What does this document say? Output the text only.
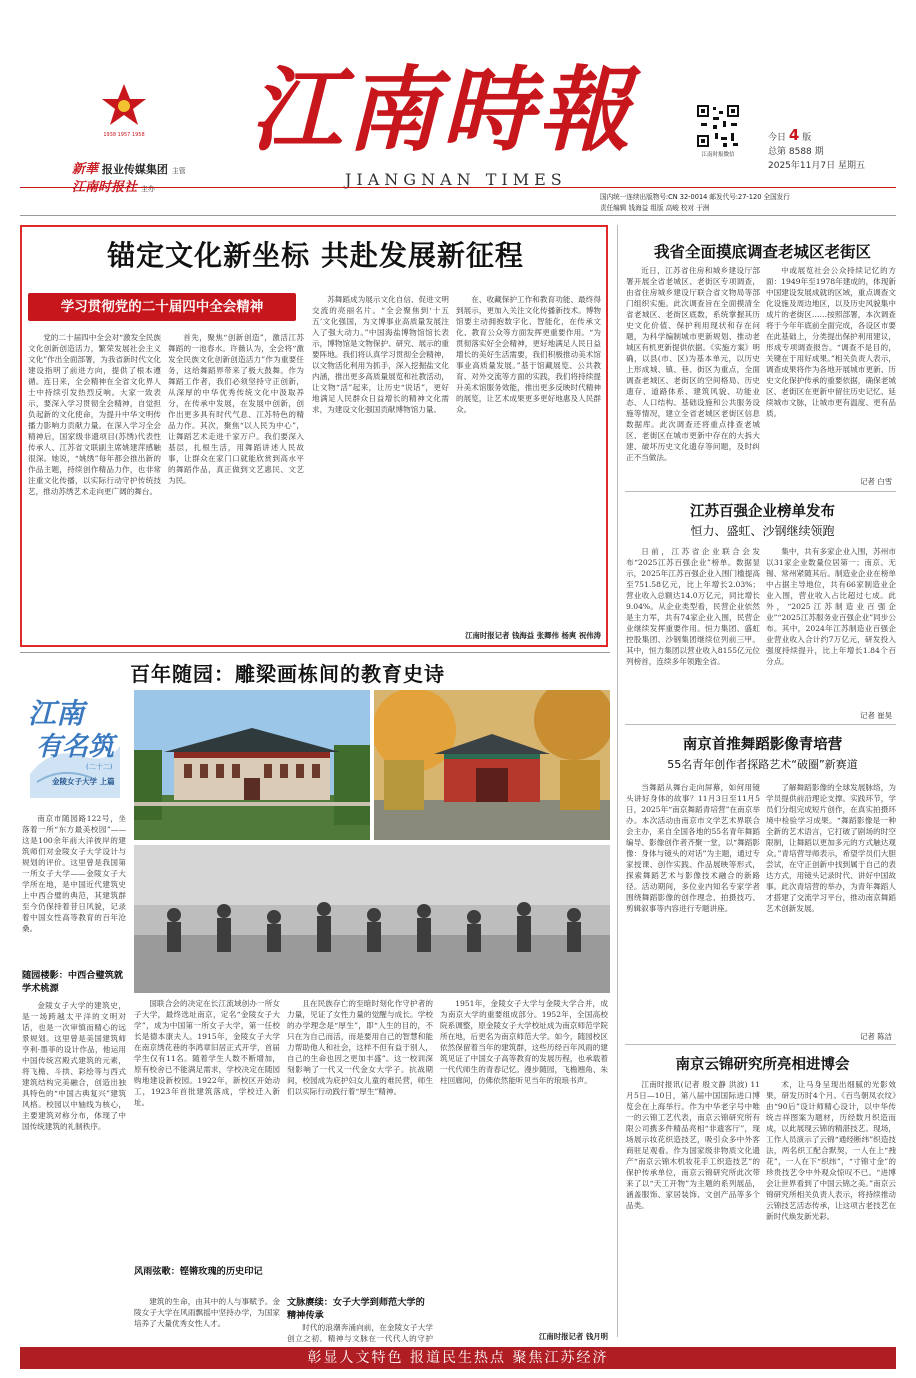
1938 1957 1958
新華 报业传媒集团 主管
江南时报社 主办
江南時報
JIANGNAN TIMES
江南时报微信
今日 4 版
总第 8588 期
2025年11月7日 星期五
国内统一连续出版物号:CN 32-0014 邮发代号:27-120 全国发行
责任编辑 钱海益 组版 高峻 校对 于洲
锚定文化新坐标 共赴发展新征程
学习贯彻党的二十届四中全会精神

党的二十届四中全会对“激发全民族文化创新创造活力，繁荣发展社会主义文化”作出全面部署，为我省新时代文化建设指明了前进方向，提供了根本遵循。连日来，全会精神在全省文化界人士中持续引发热烈反响。大家一致表示，要深入学习贯彻全会精神，自觉担负起新的文化使命，为提升中华文明传播力影响力贡献力量。在深入学习全会精神后，国家级非遗项目(苏绣)代表性传承人、江苏省文联副主席姚建萍感触很深。她说，“姚绣”每年都会推出新的作品主题，持续创作精品力作，也非常注重文化传播，以实际行动守护传统技艺，推动苏绣艺术走向更广阔的舞台。

首先，聚焦“创新创造”，激活江苏舞蹈的一池春水。许薇认为，全会将“激发全民族文化创新创造活力”作为重要任务，这给舞蹈界带来了极大鼓舞。作为舞蹈工作者，我们必须坚持守正创新，从深厚的中华优秀传统文化中汲取养分，在传承中发展，在发展中创新，创作出更多具有时代气息、江苏特色的精品力作。其次，聚焦“以人民为中心”，让舞蹈艺术走进千家万户。我们要深入基层，扎根生活，用舞蹈讲述人民故事，让群众在家门口就能欣赏到高水平的舞蹈作品，真正做到文艺惠民、文艺为民。

苏舞蹈成为展示文化自信、促进文明交流的亮丽名片。“全会聚焦到‘十五五’文化强国，为文博事业高质量发展注入了强大动力。”中国海盐博物馆馆长表示，博物馆是文物保护、研究、展示的重要阵地。我们将认真学习贯彻全会精神，以文物活化利用为抓手，深入挖掘盐文化内涵，推出更多高质量展览和社教活动，让文物“活”起来，让历史“说话”，更好地满足人民群众日益增长的精神文化需求，为建设文化强国贡献博物馆力量。

在、收藏保护工作和教育功能、最终得到展示，更加入关注文化传播新技术。博物馆要主动拥抱数字化、智能化，在传承文化、教育公众等方面发挥更重要作用。“为贯彻落实好全会精神，更好地满足人民日益增长的美好生活需要，我们积极推动美术馆事业高质量发展。”基于馆藏展览、公共教育、对外交流等方面的实践，我们将持续提升美术馆服务效能，推出更多反映时代精神的展览，让艺术成果更多更好地惠及人民群众。

江南时报记者 钱海益 张卿伟 杨爽 祝伟涛
我省全面摸底调查老城区老街区

近日，江苏省住房和城乡建设厅部署开展全省老城区、老街区专项调查，由省住房城乡建设厅联合省文物局等部门组织实施。此次调查旨在全面摸清全省老城区、老街区底数，系统掌握其历史文化价值、保护利用现状和存在问题，为科学编制城市更新规划、推动老城区有机更新提供依据。《实施方案》明确，以县(市、区)为基本单元，以历史上形成城、镇、巷、街区为重点，全面调查老城区、老街区的空间格局、历史遗存、道路体系、建筑风貌、功能业态、人口结构、基础设施和公共服务设施等情况，建立全省老城区老街区信息数据库。此次调查还将重点排查老城区、老街区在城市更新中存在的大拆大建、破坏历史文化遗存等问题，及时纠正不当做法。

中或展览社会公众持续记忆的方面：1949年至1978年建成的，体现新中国建设发展成就的区域，重点调查文化设施及周边地区，以及历史风貌集中成片的老街区……按照部署，本次调查将于今年年底前全面完成，各设区市要在此基础上，分类提出保护利用建议，形成专项调查报告。“调查不是目的，关键在于用好成果。”相关负责人表示，调查成果将作为各地开展城市更新、历史文化保护传承的重要依据，确保老城区、老街区在更新中留住历史记忆、延续城市文脉，让城市更有温度、更有品质。

记者 白雪
江苏百强企业榜单发布
恒力、盛虹、沙钢继续领跑

日前，江苏省企业联合会发布“2025江苏百强企业”榜单。数据显示，2025年江苏百强企业入围门槛提高至751.58亿元，比上年增长2.03%；营业收入总额达14.0万亿元，同比增长9.04%。从企业类型看，民营企业依然是主力军，共有74家企业入围，民营企业继续发挥重要作用。恒力集团、盛虹控股集团、沙钢集团继续位列前三甲。其中，恒力集团以营业收入8155亿元位列榜首，连续多年领跑全省。

集中，共有多家企业入围，苏州市以31家企业数量位居第一；南京、无锡、常州紧随其后。制造业企业在榜单中占据主导地位，共有66家制造业企业入围，营业收入占比超过七成。此外，“2025江苏制造业百强企业”“2025江苏服务业百强企业”同步公布。其中，2024年江苏制造业百强企业营业收入合计约7万亿元，研发投入强度持续提升，比上年增长1.84个百分点。

记者 崔昊
南京首推舞蹈影像青培营
55名青年创作者探路艺术“破圈”新赛道

当舞蹈从舞台走向屏幕，如何用镜头讲好身体的故事？11月3日至11月5日，2025年“南京舞蹈青培营”在南京举办。本次活动由南京市文学艺术界联合会主办，来自全国各地的55名青年舞蹈编导、影像创作者齐聚一堂，以“舞蹈影像：身体与镜头的对话”为主题，通过专家授课、创作实践、作品展映等形式，探索舞蹈艺术与影像技术融合的新路径。活动期间，多位业内知名专家学者围绕舞蹈影像的创作理念、拍摄技巧、剪辑叙事等内容进行专题讲座。

了解舞蹈影像的全球发展脉络，为学员提供前沿理论支撑。实践环节，学员们分组完成短片创作，在真实拍摄环境中检验学习成果。“舞蹈影像是一种全新的艺术语言，它打破了剧场的时空限制，让舞蹈以更加多元的方式触达观众。”青培营导师表示，希望学员们大胆尝试，在守正创新中找到属于自己的表达方式，用镜头记录时代、讲好中国故事。此次青培营的举办，为青年舞蹈人才搭建了交流学习平台，推动南京舞蹈艺术创新发展。

记者 陈洁
南京云锦研究所亮相进博会

江南时报讯(记者 殷文静 洪波) 11月5日—10日，第八届中国国际进口博览会在上海举行。作为中华老字号中唯一的云锦工艺代表，南京云锦研究所有限公司携多件精品亮相“非遗客厅”，现场展示妆花织造技艺，吸引众多中外客商驻足观看。作为国家级非物质文化遗产“南京云锦木机妆花手工织造技艺”的保护传承单位，南京云锦研究所此次带来了以“天工开物”为主题的系列展品，涵盖服饰、家居装饰、文创产品等多个品类。

术，让马身呈现出细腻的光影效果，研发历时4个月。《百鸟朝凤衣纹》由“90后”设计师精心设计，以中华传统吉祥图案为题材，历经数月织造而成，以此展现云锦的精湛技艺。现场，工作人员演示了云锦“通经断纬”织造技法，两名织工配合默契，一人在上“拽花”，一人在下“织纬”，“寸锦寸金”的珍贵技艺令中外观众惊叹不已。“进博会让世界看到了中国云锦之美。”南京云锦研究所相关负责人表示，将持续推动云锦技艺活态传承，让这项古老技艺在新时代焕发新光彩。

百年随园：雕梁画栋间的教育史诗
江南
有名筑
(二十二)
金陵女子大学 上篇

南京市随园路122号，坐落着一所“东方最美校园”——这是100余年前大洋彼岸的建筑师们对金陵女子大学设计与规划的评价。这里曾是我国第一所女子大学——金陵女子大学所在地，是中国近代建筑史上中西合璧的典范，其建筑群至今仍保持着昔日风貌，记录着中国女性高等教育的百年沧桑。

随园楼影：中西合璧筑就学术桃源

金陵女子大学的建筑史，是一场跨越太平洋的文明对话，也是一次审慎而精心的远景规划。这里曾是美国建筑师亨利·墨菲的设计作品，他运用中国传统宫殿式建筑的元素，将飞檐、斗拱、彩绘等与西式建筑结构完美融合，创造出独具特色的“中国古典复兴”建筑风格。校园以中轴线为核心，主要建筑对称分布，体现了中国传统建筑的礼制秩序。

国联合会的决定在长江流域创办一所女子大学，最终选址南京，定名“金陵女子大学”，成为中国第一所女子大学，第一任校长是德本康夫人。1915年，金陵女子大学在南京绣花巷的李鸿章旧居正式开学，首届学生仅有11名。随着学生人数不断增加，原有校舍已不能满足需求，学校决定在随园购地建设新校园。1922年，新校区开始动工，1923年首批建筑落成，学校迁入新址。

风雨弦歌：铿锵玫瑰的历史印记

建筑的生命，由其中的人与事赋予。金陵女子大学在风雨飘摇中坚持办学，为国家培养了大量优秀女性人才。

且在民族存亡的至暗时刻化作守护者的力量，见证了女性力量的觉醒与成长。学校的办学理念是“厚生”，即“人生的目的，不只在为自己而活，而是要用自己的智慧和能力帮助他人和社会，这样不但有益于别人，自己的生命也因之更加丰盛”。这一校训深刻影响了一代又一代金女大学子。抗战期间，校园成为庇护妇女儿童的难民营，师生们以实际行动践行着“厚生”精神。

文脉赓续：女子大学到师范大学的精神传承

时代的浪潮奔涌向前，在金陵女子大学创立之初，精神与文脉在一代代人的守护

1951年，金陵女子大学与金陵大学合并，成为南京大学的重要组成部分。1952年，全国高校院系调整，原金陵女子大学校址成为南京师范学院所在地，后更名为南京师范大学。如今，随园校区依然保留着当年的建筑群，这些历经百年风雨的建筑见证了中国女子高等教育的发展历程，也承载着一代代师生的青春记忆。漫步随园，飞檐翘角、朱柱回廊间，仿佛依然能听见当年的琅琅书声。

江南时报记者 钱月明
彰显人文特色 报道民生热点 聚焦江苏经济
